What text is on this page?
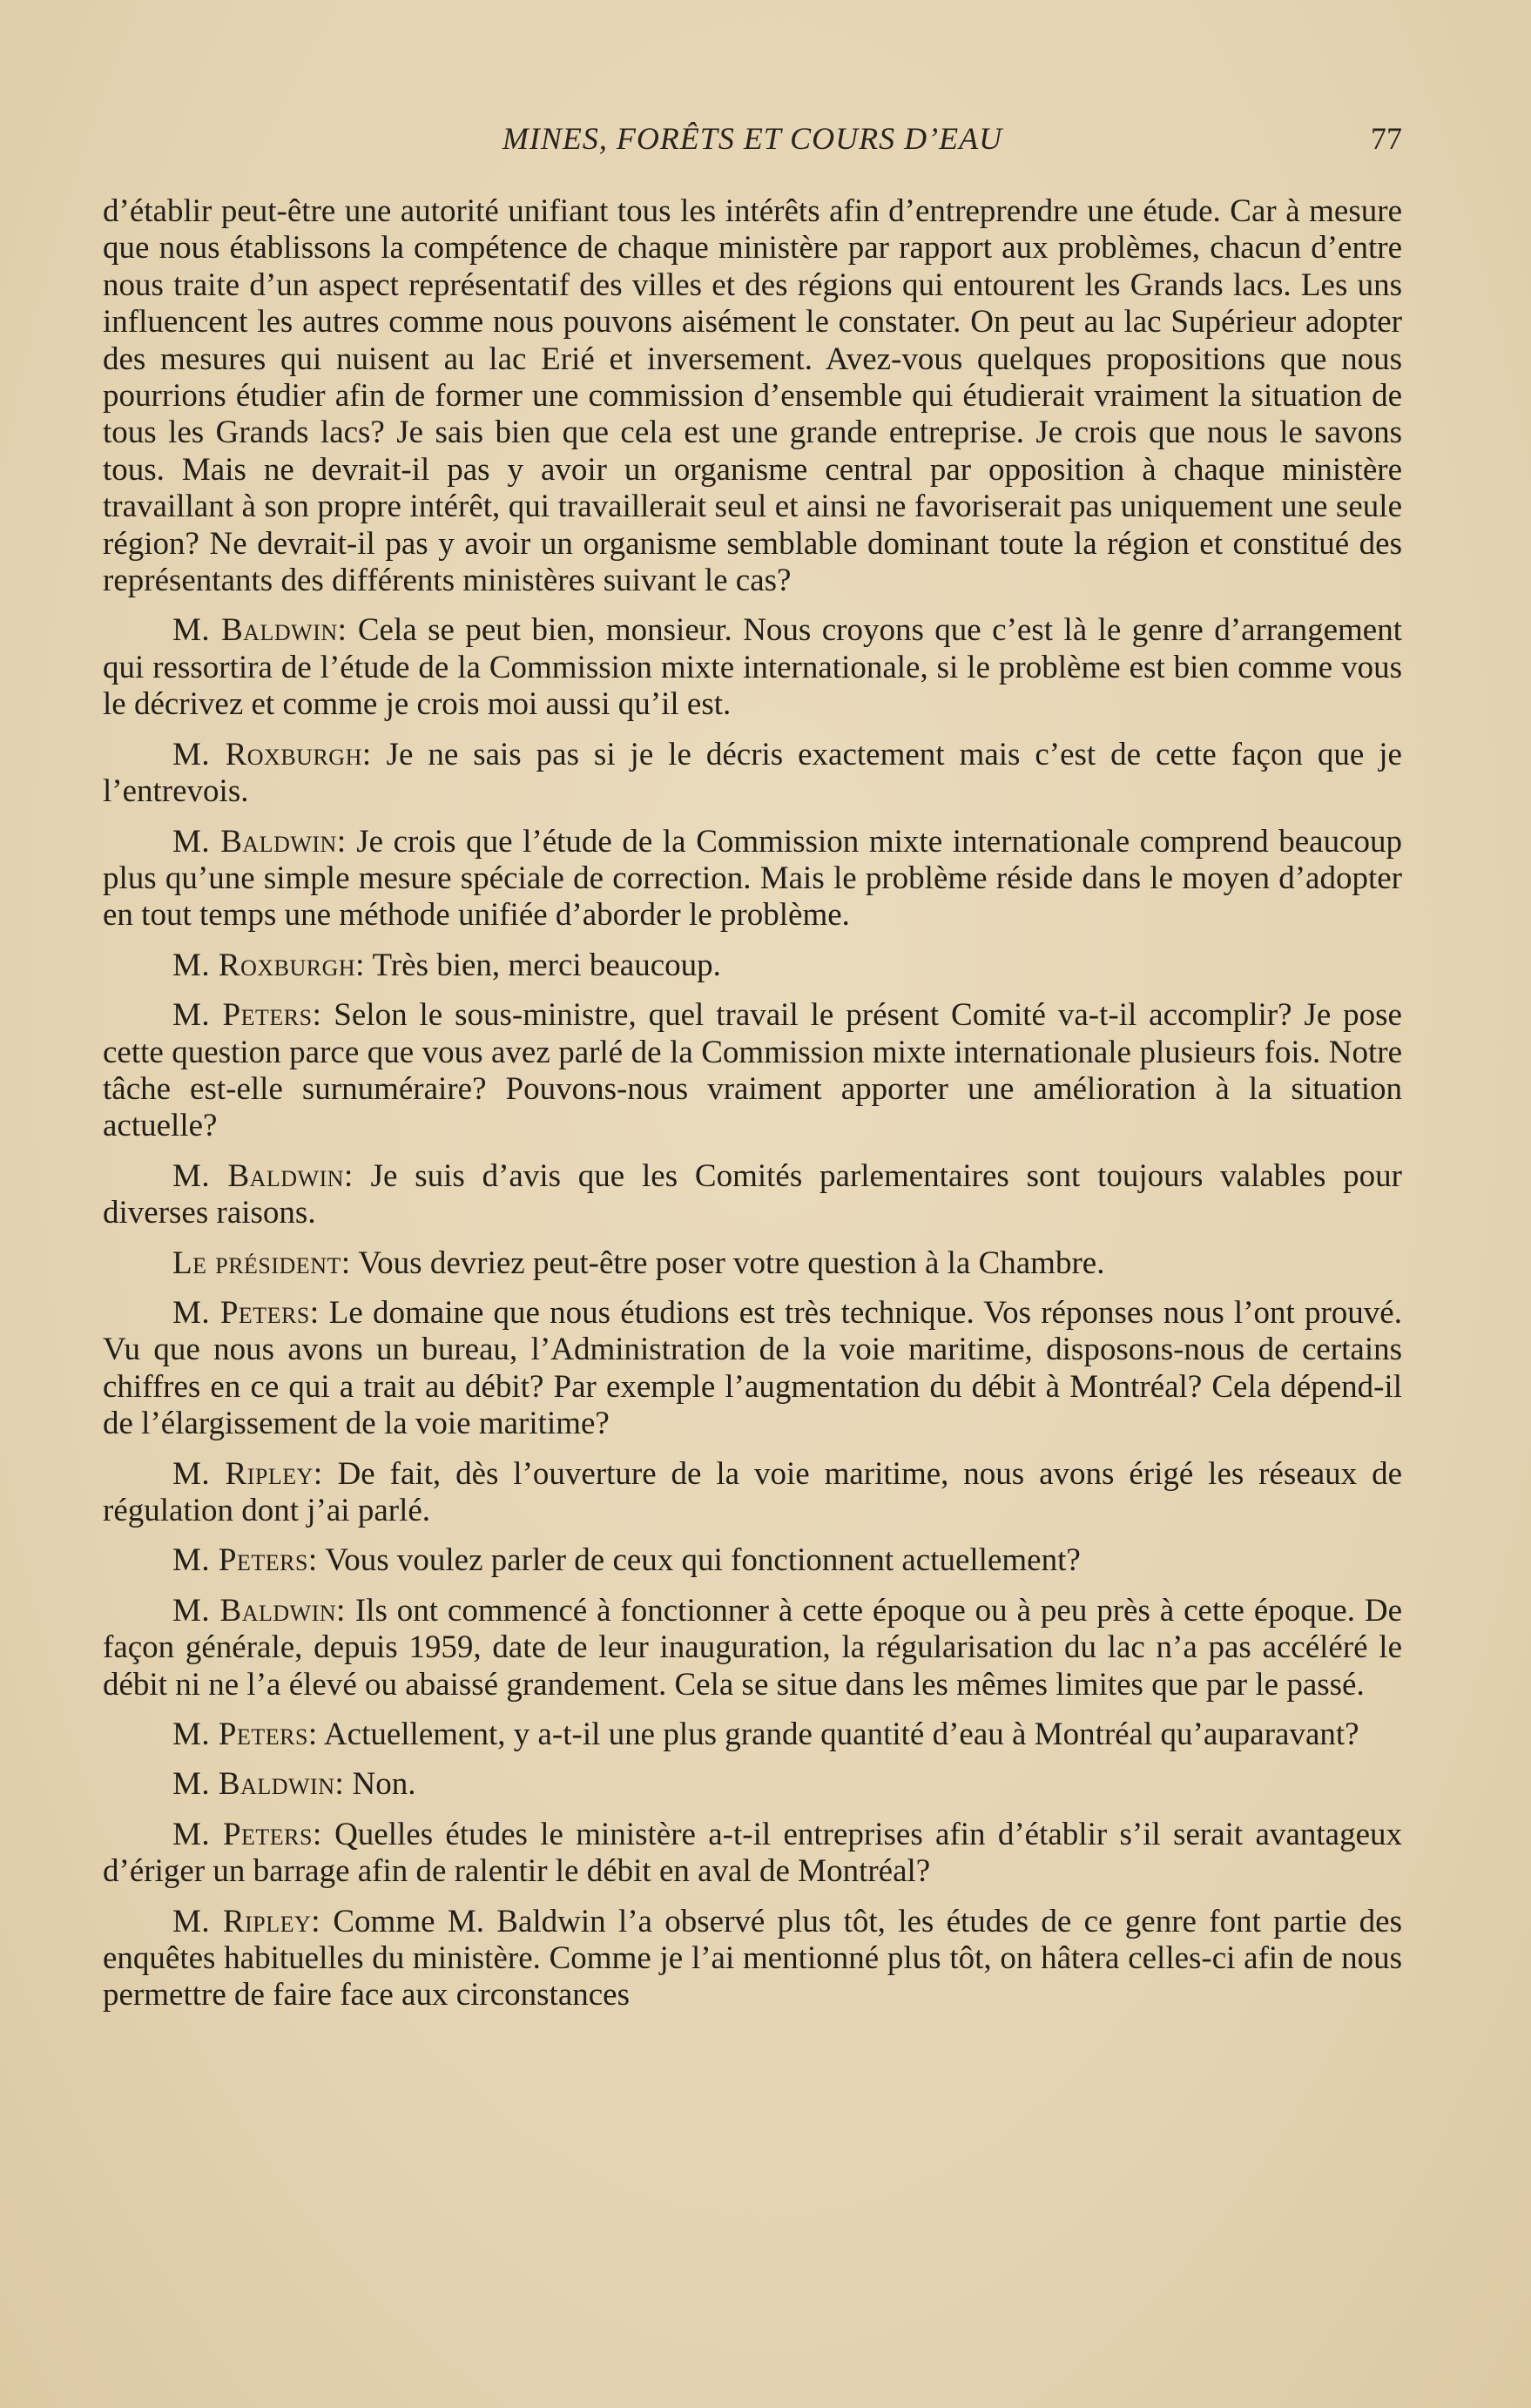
MINES, FORÊTS ET COURS D’EAU	77

d’établir peut-être une autorité unifiant tous les intérêts afin d’entreprendre une étude. Car à mesure que nous établissons la compétence de chaque ministère par rapport aux problèmes, chacun d’entre nous traite d’un aspect représentatif des villes et des régions qui entourent les Grands lacs. Les uns influencent les autres comme nous pouvons aisément le constater. On peut au lac Supérieur adopter des mesures qui nuisent au lac Erié et inversement. Avez-vous quelques propositions que nous pourrions étudier afin de former une commission d’ensemble qui étudierait vraiment la situation de tous les Grands lacs? Je sais bien que cela est une grande entreprise. Je crois que nous le savons tous. Mais ne devrait-il pas y avoir un organisme central par opposition à chaque ministère travaillant à son propre intérêt, qui travaillerait seul et ainsi ne favoriserait pas uniquement une seule région? Ne devrait-il pas y avoir un organisme semblable dominant toute la région et constitué des représentants des différents ministères suivant le cas?

M. Baldwin: Cela se peut bien, monsieur. Nous croyons que c’est là le genre d’arrangement qui ressortira de l’étude de la Commission mixte internationale, si le problème est bien comme vous le décrivez et comme je crois moi aussi qu’il est.

M. Roxburgh: Je ne sais pas si je le décris exactement mais c’est de cette façon que je l’entrevois.

M. Baldwin: Je crois que l’étude de la Commission mixte internationale comprend beaucoup plus qu’une simple mesure spéciale de correction. Mais le problème réside dans le moyen d’adopter en tout temps une méthode unifiée d’aborder le problème.

M. Roxburgh: Très bien, merci beaucoup.

M. Peters: Selon le sous-ministre, quel travail le présent Comité va-t-il accomplir? Je pose cette question parce que vous avez parlé de la Commission mixte internationale plusieurs fois. Notre tâche est-elle surnuméraire? Pouvons-nous vraiment apporter une amélioration à la situation actuelle?

M. Baldwin: Je suis d’avis que les Comités parlementaires sont toujours valables pour diverses raisons.

Le président: Vous devriez peut-être poser votre question à la Chambre.

M. Peters: Le domaine que nous étudions est très technique. Vos réponses nous l’ont prouvé. Vu que nous avons un bureau, l’Administration de la voie maritime, disposons-nous de certains chiffres en ce qui a trait au débit? Par exemple l’augmentation du débit à Montréal? Cela dépend-il de l’élargissement de la voie maritime?

M. Ripley: De fait, dès l’ouverture de la voie maritime, nous avons érigé les réseaux de régulation dont j’ai parlé.

M. Peters: Vous voulez parler de ceux qui fonctionnent actuellement?

M. Baldwin: Ils ont commencé à fonctionner à cette époque ou à peu près à cette époque. De façon générale, depuis 1959, date de leur inauguration, la régularisation du lac n’a pas accéléré le débit ni ne l’a élevé ou abaissé grandement. Cela se situe dans les mêmes limites que par le passé.

M. Peters: Actuellement, y a-t-il une plus grande quantité d’eau à Montréal qu’auparavant?

M. Baldwin: Non.

M. Peters: Quelles études le ministère a-t-il entreprises afin d’établir s’il serait avantageux d’ériger un barrage afin de ralentir le débit en aval de Montréal?

M. Ripley: Comme M. Baldwin l’a observé plus tôt, les études de ce genre font partie des enquêtes habituelles du ministère. Comme je l’ai mentionné plus tôt, on hâtera celles-ci afin de nous permettre de faire face aux circonstances
